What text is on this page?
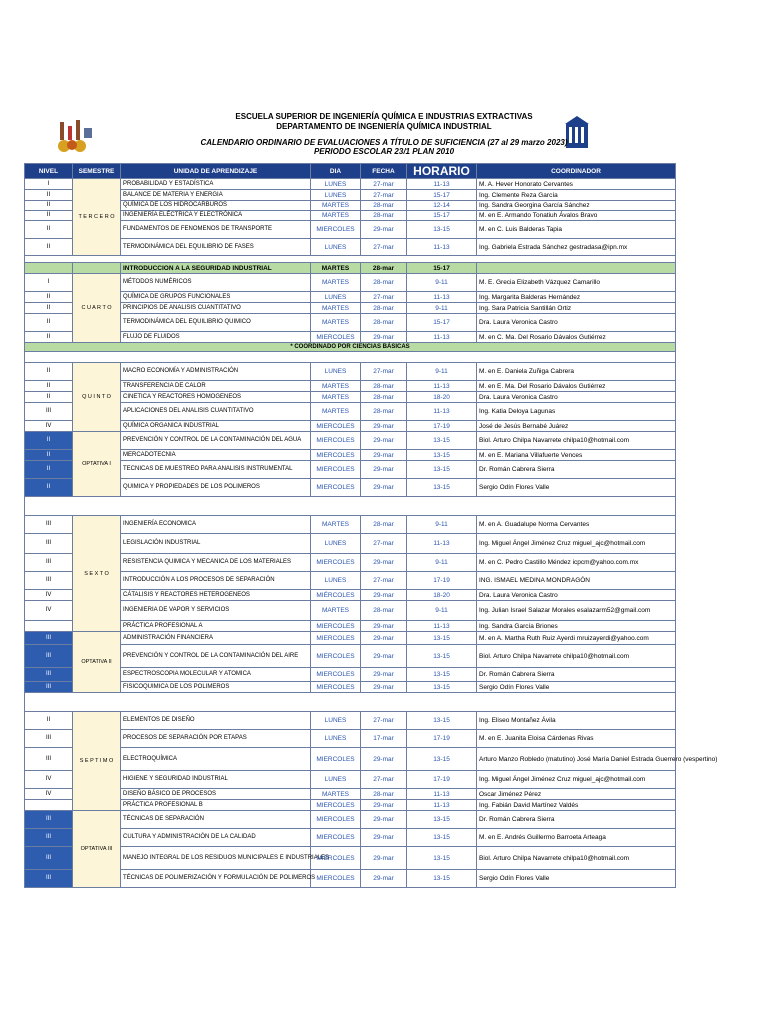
ESCUELA SUPERIOR DE INGENIERÍA QUÍMICA E INDUSTRIAS EXTRACTIVAS
DEPARTAMENTO DE INGENIERÍA QUÍMICA INDUSTRIAL
CALENDARIO ORDINARIO DE EVALUACIONES A TÍTULO DE SUFICIENCIA (27 al 29 marzo 2023)
PERIODO ESCOLAR 23/1 PLAN 2010
NIVEL	SEMESTRE	UNIDAD DE APRENDIZAJE	DIA	FECHA	HORARIO	COORDINADOR
I	T E R C E R O	PROBABILIDAD Y ESTADÍSTICA	LUNES	27-mar	11-13	M. A. Hever Honorato Cervantes
II		BALANCE DE MATERIA Y ENERGIA	LUNES	27-mar	15-17	Ing. Clemente Reza García
II		QUÍMICA DE LOS HIDROCARBUROS	MARTES	28-mar	12-14	Ing. Sandra Georgina García Sánchez
II		INGENIERÍA ELÉCTRICA Y ELECTRÓNICA	MARTES	28-mar	15-17	M. en E. Armando Tonatiuh Ávalos Bravo
II		FUNDAMENTOS DE FENOMENOS DE TRANSPORTE	MIERCOLES	29-mar	13-15	M. en C. Luis Balderas Tapia
II		TERMODINÁMICA DEL EQUILIBRIO DE FASES	LUNES	27-mar	11-13	Ing. Gabriela Estrada Sánchez gestradasa@ipn.mx

		INTRODUCCION A LA SEGURIDAD INDUSTRIAL	MARTES	28-mar	15-17	
I	C U A R T O	MÉTODOS NUMÉRICOS	MARTES	28-mar	9-11	M. E. Grecia Elizabeth Vázquez Camarillo
II		QUÍMICA DE GRUPOS FUNCIONALES	LUNES	27-mar	11-13	Ing. Margarita Balderas Hernández
II		PRINCIPIOS DE ANALISIS CUANTITATIVO	MARTES	28-mar	9-11	Ing. Sara Patricia Santillán Ortiz
II		TERMODINÁMICA DEL EQUILIBRIO QUIMICO	MARTES	28-mar	15-17	Dra. Laura Veronica Castro
II		FLUJO DE FLUIDOS	MIERCOLES	29-mar	11-13	M. en C. Ma. Del Rosario Dávalos Gutiérrez
* COORDINADO POR CIENCIAS BÁSICAS						

II	Q U I N T O	MACRO ECONOMÍA Y ADMINISTRACIÓN	LUNES	27-mar	9-11	M. en E. Daniela Zuñiga Cabrera
II		TRANSFERENCIA DE CALOR	MARTES	28-mar	11-13	M. en E. Ma. Del Rosario Dávalos Gutiérrez
II		CINETICA Y REACTORES HOMOGENEOS	MARTES	28-mar	18-20	Dra. Laura Veronica Castro
III		APLICACIONES DEL ANALISIS CUANTITATIVO	MARTES	28-mar	11-13	Ing. Katia Deloya Lagunas
IV		QUÍMICA ORGANICA INDUSTRIAL	MIERCOLES	29-mar	17-19	José de Jesús Bernabé Juárez
II	OPTATIVA I	PREVENCIÓN Y CONTROL DE LA CONTAMINACIÓN DEL AGUA	MIERCOLES	29-mar	13-15	Biol. Arturo Chilpa Navarrete chilpa10@hotmail.com
II		MERCADOTECNIA	MIERCOLES	29-mar	13-15	M. en E. Mariana Villafuerte Vences
II		TECNICAS DE MUESTREO PARA ANALISIS INSTRUMENTAL	MIERCOLES	29-mar	13-15	Dr. Román Cabrera Sierra
II		QUIMICA Y PROPIEDADES DE LOS POLIMEROS	MIERCOLES	29-mar	13-15	Sergio Odín Flores Valle

III	S E X T O	INGENIERÍA ECONOMICA	MARTES	28-mar	9-11	M. en A. Guadalupe Norma Cervantes
III		LEGISLACIÓN INDUSTRIAL	LUNES	27-mar	11-13	Ing. Miguel Ángel Jiménez Cruz miguel_ajc@hotmail.com
III		RESISTENCIA QUIMICA Y MECANICA DE LOS MATERIALES	MIERCOLES	29-mar	9-11	M. en C. Pedro Castillo Méndez icpcm@yahoo.com.mx
III		INTRODUCCIÓN A LOS PROCESOS DE SEPARACIÓN	LUNES	27-mar	17-19	ING. ISMAEL MEDINA MONDRAGÓN
IV		CÁTALISIS Y REACTORES HETEROGENEOS	MIÉRCOLES	29-mar	18-20	Dra. Laura Veronica Castro
IV		INGENIERIA DE VAPOR Y SERVICIOS	MARTES	28-mar	9-11	Ing. Julian Israel Salazar Morales esalazarm52@gmail.com
		PRÁCTICA PROFESIONAL A	MIERCOLES	29-mar	11-13	Ing. Sandra García Briones
III	OPTATIVA II	ADMINISTRACIÓN FINANCIERA	MIERCOLES	29-mar	13-15	M. en A. Martha Ruth Ruiz Ayerdi mruizayerdi@yahoo.com
III		PREVENCIÓN Y CONTROL DE LA CONTAMINACIÓN DEL AIRE	MIERCOLES	29-mar	13-15	Biol. Arturo Chilpa Navarrete chilpa10@hotmail.com
III		ESPECTROSCOPIA MOLECULAR Y ATOMICA	MIERCOLES	29-mar	13-15	Dr. Román Cabrera Sierra
III		FISICOQUIMICA DE LOS POLIMEROS	MIERCOLES	29-mar	13-15	Sergio Odín Flores Valle

II	S E P T I M O	ELEMENTOS DE DISEÑO	LUNES	27-mar	13-15	Ing. Eliseo Montañez Ávila
III		PROCESOS DE SEPARACIÓN POR ETAPAS	LUNES	17-mar	17-19	M. en E. Juanita Eloisa Cárdenas Rivas
III		ELECTROQUÍMICA	MIERCOLES	29-mar	13-15	Arturo Manzo Robledo (matutino) José María Daniel Estrada Guerrero (vespertino)
IV		HIGIENE Y SEGURIDAD INDUSTRIAL	LUNES	27-mar	17-19	Ing. Miguel Ángel Jiménez Cruz miguel_ajc@hotmail.com
IV		DISEÑO BÁSICO DE PROCESOS	MARTES	28-mar	11-13	Oscar Jiménez Pérez
		PRÁCTICA PROFESIONAL B	MIERCOLES	29-mar	11-13	Ing. Fabián David Martínez Valdés
III	OPTATIVA III	TÉCNICAS DE SEPARACIÓN	MIERCOLES	29-mar	13-15	Dr. Román Cabrera Sierra
III		CULTURA Y ADMINISTRACIÓN DE LA CALIDAD	MIERCOLES	29-mar	13-15	M. en E. Andrés Guillermo Barroeta Arteaga
III		MANEJO INTEGRAL DE LOS RESIDUOS MUNICIPALES E INDUSTRIALES	MIERCOLES	29-mar	13-15	Biol. Arturo Chilpa Navarrete chilpa10@hotmail.com
III		TÉCNICAS DE POLIMERIZACIÓN Y FORMULACIÓN DE POLIMEROS	MIERCOLES	29-mar	13-15	Sergio Odín Flores Valle
